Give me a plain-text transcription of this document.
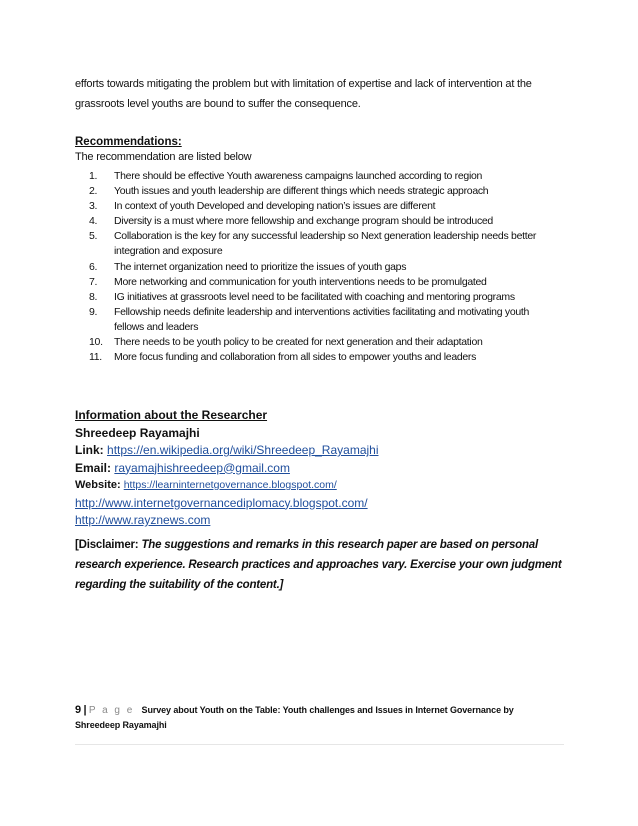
efforts towards mitigating the problem but with limitation of expertise and lack of intervention at the

grassroots level youths are bound to suffer the consequence.

Recommendations:
The recommendation are listed below
1.	There should be effective Youth awareness campaigns launched according to region
2.	Youth issues and youth leadership are different things which needs strategic approach
3.	In context of youth Developed and developing nation’s issues are different
4.	Diversity is a must where more fellowship and exchange program should be introduced
5.	Collaboration is the key for any successful leadership so Next generation leadership needs better integration and exposure
6.	The internet organization need to prioritize the issues of youth gaps
7.	More networking and communication for youth interventions needs to be promulgated
8.	IG initiatives at grassroots level need to be facilitated with coaching and mentoring programs
9.	Fellowship needs definite leadership and interventions activities facilitating and motivating youth fellows and leaders
10.	There needs to be youth policy to be created for next generation and their adaptation
11.	More focus funding and collaboration from all sides to empower youths and leaders
Information about the Researcher
Shreedeep Rayamajhi
Link: https://en.wikipedia.org/wiki/Shreedeep_Rayamajhi
Email: rayamajhishreedeep@gmail.com
Website: https://learninternetgovernance.blogspot.com/
http://www.internetgovernancediplomacy.blogspot.com/
http://www.rayznews.com
[Disclaimer: The suggestions and remarks in this research paper are based on personal research experience. Research practices and approaches vary. Exercise your own judgment regarding the suitability of the content.]
9 | P a g e Survey about Youth on the Table: Youth challenges and Issues in Internet Governance by
Shreedeep Rayamajhi
